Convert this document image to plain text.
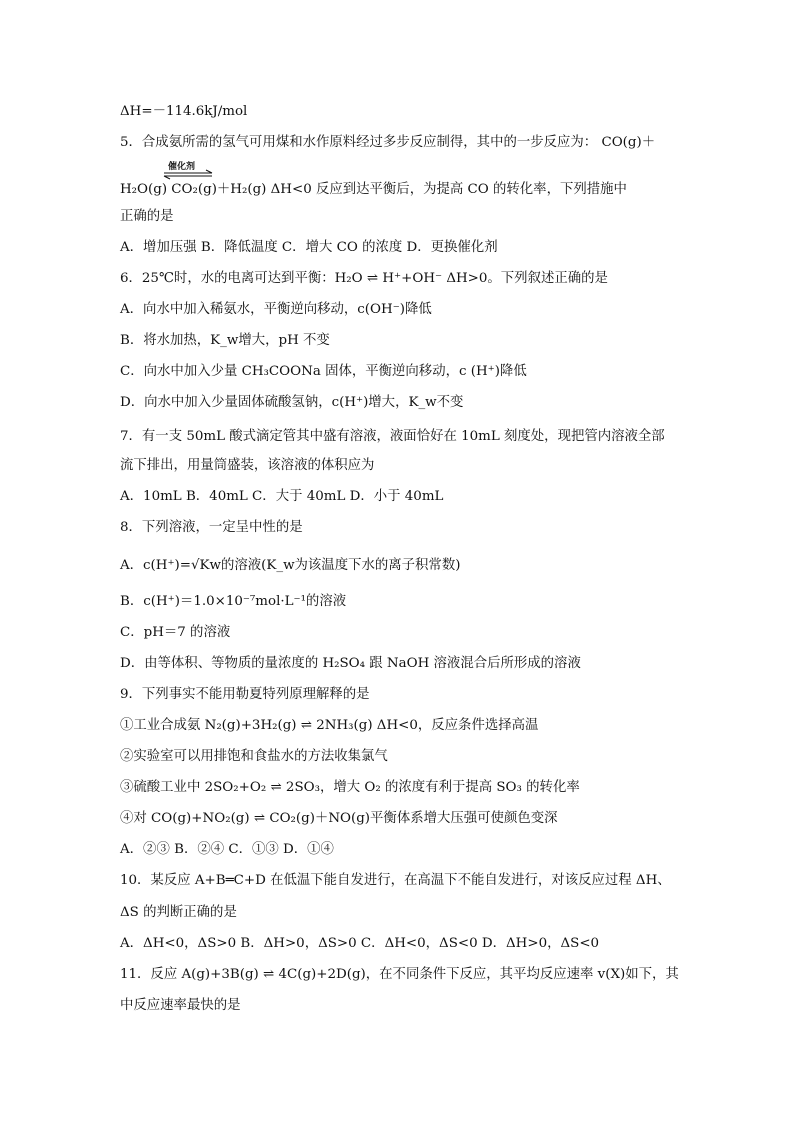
ΔH=－114.6kJ/mol
5．合成氨所需的氢气可用煤和水作原料经过多步反应制得，其中的一步反应为： CO(g)＋
催化剂
H₂O(g) CO₂(g)＋H₂(g) ΔH<0 反应到达平衡后，为提高 CO 的转化率，下列措施中
正确的是
A．增加压强 B．降低温度 C．增大 CO 的浓度 D．更换催化剂
6．25℃时，水的电离可达到平衡：H₂O ⇌ H⁺+OH⁻ ΔH>0。下列叙述正确的是
A．向水中加入稀氨水，平衡逆向移动，c(OH⁻)降低
B．将水加热，K_w增大，pH 不变
C．向水中加入少量 CH₃COONa 固体，平衡逆向移动，c (H⁺)降低
D．向水中加入少量固体硫酸氢钠，c(H⁺)增大，K_w不变
7．有一支 50mL 酸式滴定管其中盛有溶液，液面恰好在 10mL 刻度处，现把管内溶液全部
流下排出，用量筒盛装，该溶液的体积应为
A．10mL B．40mL C．大于 40mL D．小于 40mL
8．下列溶液，一定呈中性的是
A．c(H⁺)=√Kw的溶液(K_w为该温度下水的离子积常数)
B．c(H⁺)＝1.0×10⁻⁷mol·L⁻¹的溶液
C．pH＝7 的溶液
D．由等体积、等物质的量浓度的 H₂SO₄ 跟 NaOH 溶液混合后所形成的溶液
9．下列事实不能用勒夏特列原理解释的是
①工业合成氨 N₂(g)+3H₂(g) ⇌ 2NH₃(g) ΔH<0，反应条件选择高温
②实验室可以用排饱和食盐水的方法收集氯气
③硫酸工业中 2SO₂+O₂ ⇌ 2SO₃，增大 O₂ 的浓度有利于提高 SO₃ 的转化率
④对 CO(g)+NO₂(g) ⇌ CO₂(g)＋NO(g)平衡体系增大压强可使颜色变深
A．②③ B．②④ C．①③ D．①④
10．某反应 A+B═C+D 在低温下能自发进行，在高温下不能自发进行，对该反应过程 ΔH、
ΔS 的判断正确的是
A．ΔH<0，ΔS>0 B．ΔH>0，ΔS>0 C．ΔH<0，ΔS<0 D．ΔH>0，ΔS<0
11．反应 A(g)+3B(g) ⇌ 4C(g)+2D(g)，在不同条件下反应，其平均反应速率 v(X)如下，其
中反应速率最快的是
